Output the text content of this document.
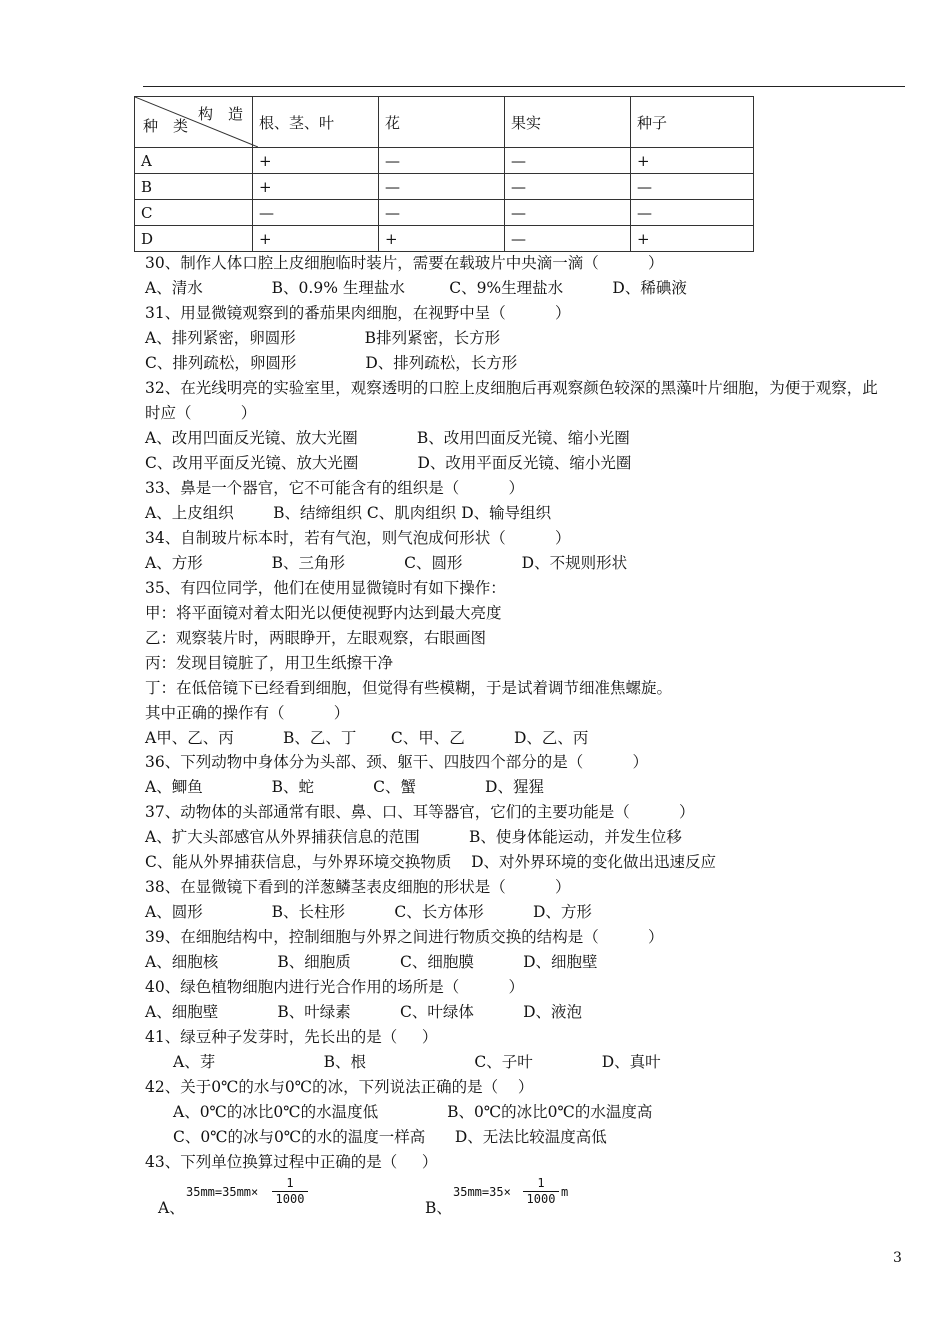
构　造
种　类	根、茎、叶	花	果实	种子
A	+	—	—	+
B	+	—	—	—
C	—	—	—	—
D	+	+	—	+
30、制作人体口腔上皮细胞临时装片，需要在载玻片中央滴一滴（          ）
A、清水              B、0.9% 生理盐水         C、9%生理盐水          D、稀碘液
31、用显微镜观察到的番茄果肉细胞，在视野中呈（          ）
A、排列紧密，卵圆形              B排列紧密，长方形
C、排列疏松，卵圆形              D、排列疏松，长方形
32、在光线明亮的实验室里，观察透明的口腔上皮细胞后再观察颜色较深的黑藻叶片细胞，为便于观察，此
时应（          ）
A、改用凹面反光镜、放大光圈            B、改用凹面反光镜、缩小光圈
C、改用平面反光镜、放大光圈            D、改用平面反光镜、缩小光圈
33、鼻是一个器官，它不可能含有的组织是（          ）
A、上皮组织        B、结缔组织 C、肌肉组织 D、输导组织
34、自制玻片标本时，若有气泡，则气泡成何形状（          ）
A、方形              B、三角形            C、圆形            D、不规则形状
35、有四位同学，他们在使用显微镜时有如下操作：
甲：将平面镜对着太阳光以便使视野内达到最大亮度
乙：观察装片时，两眼睁开，左眼观察，右眼画图
丙：发现目镜脏了，用卫生纸擦干净
丁：在低倍镜下已经看到细胞，但觉得有些模糊，于是试着调节细准焦螺旋。
其中正确的操作有（          ）
A甲、乙、丙          B、乙、丁       C、甲、乙          D、乙、丙
36、下列动物中身体分为头部、颈、躯干、四肢四个部分的是（          ）
A、鲫鱼              B、蛇            C、蟹              D、猩猩
37、动物体的头部通常有眼、鼻、口、耳等器官，它们的主要功能是（          ）
A、扩大头部感官从外界捕获信息的范围          B、使身体能运动，并发生位移
C、能从外界捕获信息，与外界环境交换物质    D、对外界环境的变化做出迅速反应
38、在显微镜下看到的洋葱鳞茎表皮细胞的形状是（          ）
A、圆形              B、长柱形          C、长方体形          D、方形
39、在细胞结构中，控制细胞与外界之间进行物质交换的结构是（          ）
A、细胞核            B、细胞质          C、细胞膜          D、细胞壁
40、绿色植物细胞内进行光合作用的场所是（          ）
A、细胞壁            B、叶绿素          C、叶绿体          D、液泡
41、绿豆种子发芽时，先长出的是（     ）
A、芽                      B、根                      C、子叶              D、真叶
42、关于0℃的水与0℃的冰，下列说法正确的是（    ）
A、0℃的冰比0℃的水温度低              B、0℃的冰比0℃的水温度高
C、0℃的冰与0℃的水的温度一样高      D、无法比较温度高低
43、下列单位换算过程中正确的是（     ）
A、
$35mm=35mm\times \frac{1}{1000}$
B、
$35mm=35\times \frac{1}{1000}$ m
3
